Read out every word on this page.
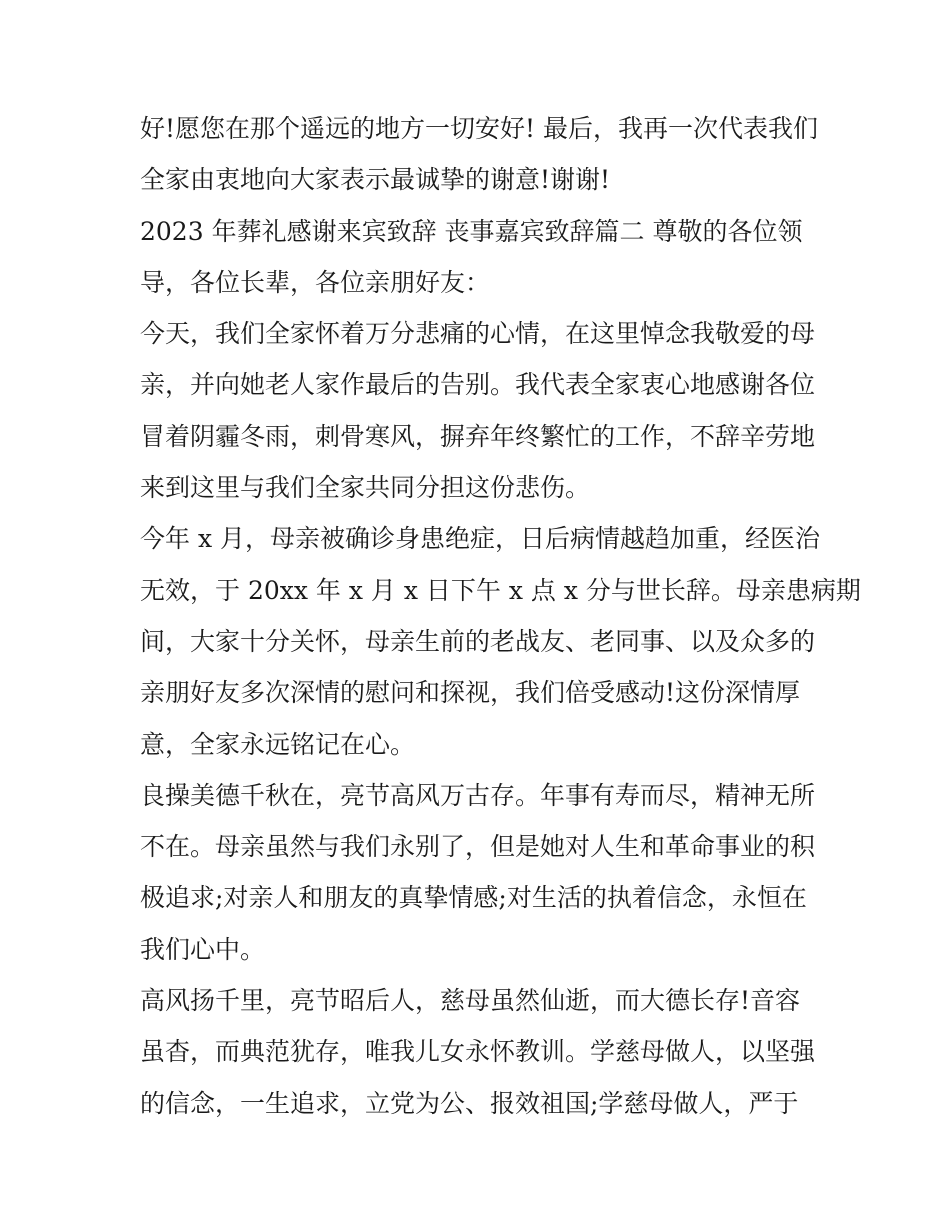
好!愿您在那个遥远的地方一切安好! 最后，我再一次代表我们
全家由衷地向大家表示最诚挚的谢意!谢谢!
2023 年葬礼感谢来宾致辞 丧事嘉宾致辞篇二 尊敬的各位领
导，各位长辈，各位亲朋好友：
今天，我们全家怀着万分悲痛的心情，在这里悼念我敬爱的母
亲，并向她老人家作最后的告别。我代表全家衷心地感谢各位
冒着阴霾冬雨，刺骨寒风，摒弃年终繁忙的工作，不辞辛劳地
来到这里与我们全家共同分担这份悲伤。
今年 x 月，母亲被确诊身患绝症，日后病情越趋加重，经医治
无效，于 20xx 年 x 月 x 日下午 x 点 x 分与世长辞。母亲患病期
间，大家十分关怀，母亲生前的老战友、老同事、以及众多的
亲朋好友多次深情的慰问和探视，我们倍受感动!这份深情厚
意，全家永远铭记在心。
良操美德千秋在，亮节高风万古存。年事有寿而尽，精神无所
不在。母亲虽然与我们永别了，但是她对人生和革命事业的积
极追求;对亲人和朋友的真挚情感;对生活的执着信念，永恒在
我们心中。
高风扬千里，亮节昭后人，慈母虽然仙逝，而大德长存!音容
虽杳，而典范犹存，唯我儿女永怀教训。学慈母做人，以坚强
的信念，一生追求，立党为公、报效祖国;学慈母做人，严于
